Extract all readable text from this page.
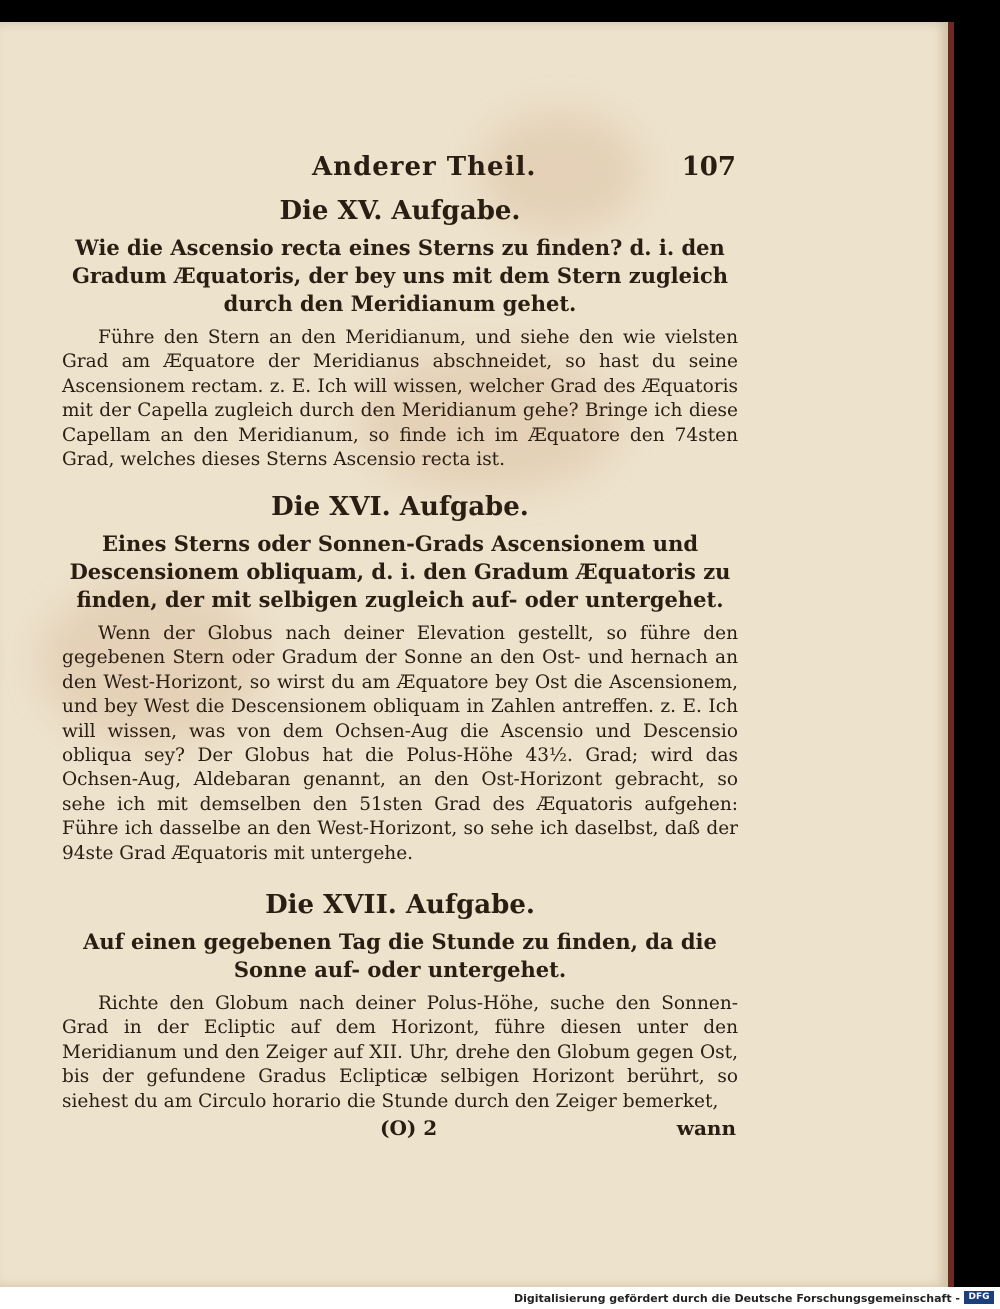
Anderer Theil.	107
Die XV. Aufgabe.

Wie die Ascensio recta eines Sterns zu finden? d. i. den Gradum Æquatoris, der bey uns mit dem Stern zugleich durch den Meridianum gehet.

Führe den Stern an den Meridianum, und siehe den wie vielsten Grad am Æquatore der Meridianus abschneidet, so hast du seine Ascensionem rectam. z. E. Ich will wissen, welcher Grad des Æquatoris mit der Capella zugleich durch den Meridianum gehe? Bringe ich diese Capellam an den Meridianum, so finde ich im Æquatore den 74sten Grad, welches dieses Sterns Ascensio recta ist.

Die XVI. Aufgabe.

Eines Sterns oder Sonnen-Grads Ascensionem und Descensionem obliquam, d. i. den Gradum Æquatoris zu finden, der mit selbigen zugleich auf- oder untergehet.

Wenn der Globus nach deiner Elevation gestellt, so führe den gegebenen Stern oder Gradum der Sonne an den Ost- und hernach an den West-Horizont, so wirst du am Æquatore bey Ost die Ascensionem, und bey West die Descensionem obliquam in Zahlen antreffen. z. E. Ich will wissen, was von dem Ochsen-Aug die Ascensio und Descensio obliqua sey? Der Globus hat die Polus-Höhe 43½. Grad; wird das Ochsen-Aug, Aldebaran genannt, an den Ost-Horizont gebracht, so sehe ich mit demselben den 51sten Grad des Æquatoris aufgehen: Führe ich dasselbe an den West-Horizont, so sehe ich daselbst, daß der 94ste Grad Æquatoris mit untergehe.

Die XVII. Aufgabe.

Auf einen gegebenen Tag die Stunde zu finden, da die Sonne auf- oder untergehet.

Richte den Globum nach deiner Polus-Höhe, suche den Sonnen-Grad in der Ecliptic auf dem Horizont, führe diesen unter den Meridianum und den Zeiger auf XII. Uhr, drehe den Globum gegen Ost, bis der gefundene Gradus Eclipticæ selbigen Horizont berührt, so siehest du am Circulo horario die Stunde durch den Zeiger bemerket,

(O) 2	wann
Digitalisierung gefördert durch die Deutsche Forschungsgemeinschaft - DFG
